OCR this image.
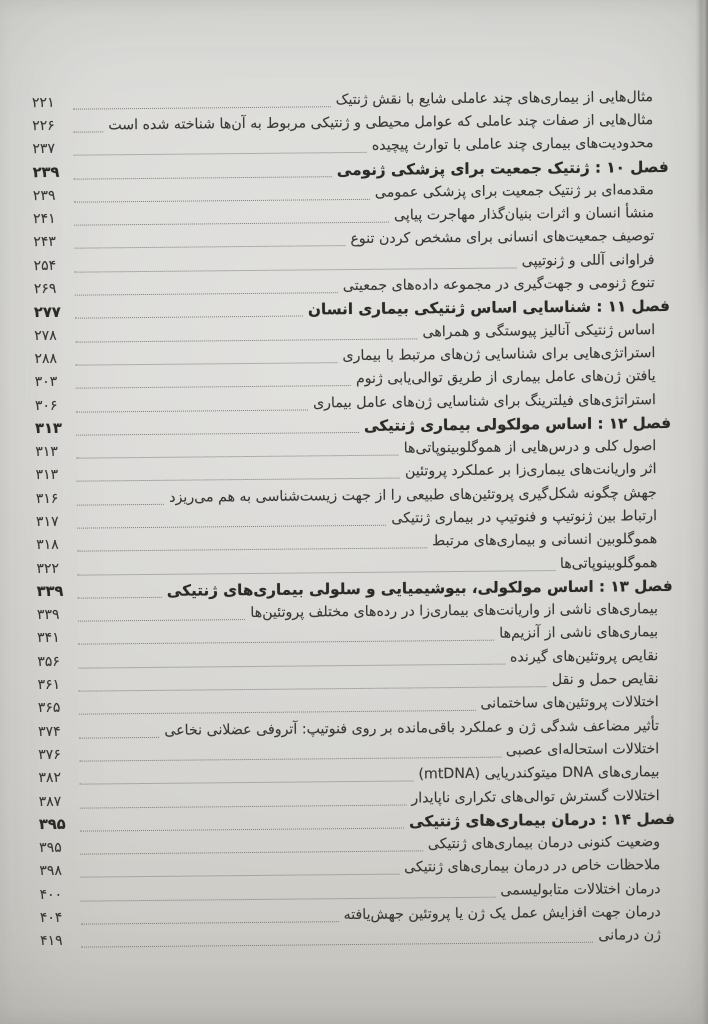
مثال‌هایی از بیماری‌های چند عاملی شایع با نقش ژنتیک
۲۲۱
مثال‌هایی از صفات چند عاملی که عوامل محیطی و ژنتیکی مربوط به آن‌ها شناخته شده است
۲۲۶
محدودیت‌های بیماری چند عاملی با توارث پیچیده
۲۳۷
فصل ۱۰ : ژنتیک جمعیت برای پزشکی ژنومی
۲۳۹
مقدمه‌ای بر ژنتیک جمعیت برای پزشکی عمومی
۲۳۹
منشأ انسان و اثرات بنیان‌گذار مهاجرت پیاپی
۲۴۱
توصیف جمعیت‌های انسانی برای مشخص کردن تنوع
۲۴۳
فراوانی آللی و ژنوتیپی
۲۵۴
تنوع ژنومی و جهت‌گیری در مجموعه داده‌های جمعیتی
۲۶۹
فصل ۱۱ : شناسایی اساس ژنتیکی بیماری انسان
۲۷۷
اساس ژنتیکی آنالیز پیوستگی و همراهی
۲۷۸
استراتژی‌هایی برای شناسایی ژن‌های مرتبط با بیماری
۲۸۸
یافتن ژن‌های عامل بیماری از طریق توالی‌یابی ژنوم
۳۰۳
استراتژی‌های فیلترینگ برای شناسایی ژن‌های عامل بیماری
۳۰۶
فصل ۱۲ : اساس مولکولی بیماری ژنتیکی
۳۱۳
اصول کلی و درس‌هایی از هموگلوبینوپاتی‌ها
۳۱۳
اثر واریانت‌های یبماری‌زا بر عملکرد پروتئین
۳۱۳
جهش چگونه شکل‌گیری پروتئین‌های طبیعی را از جهت زیست‌شناسی به هم می‌ریزد
۳۱۶
ارتباط بین ژنوتیپ و فنوتیپ در بیماری ژنتیکی
۳۱۷
هموگلوبین انسانی و بیماری‌های مرتبط
۳۱۸
هموگلوبینوپاتی‌ها
۳۲۲
فصل ۱۳ : اساس مولکولی، بیوشیمیایی و سلولی بیماری‌های ژنتیکی
۳۳۹
بیماری‌های ناشی از واریانت‌های بیماری‌زا در رده‌های مختلف پروتئین‌ها
۳۳۹
بیماری‌های ناشی از آنزیم‌ها
۳۴۱
نقایص پروتئین‌های گیرنده
۳۵۶
نقایص حمل و نقل
۳۶۱
اختلالات پروتئین‌های ساختمانی
۳۶۵
تأثیر مضاعف شدگی ژن و عملکرد باقی‌مانده بر روی فنوتیپ: آتروفی عضلانی نخاعی
۳۷۴
اختلالات استحاله‌ای عصبی
۳۷۶
بیماری‌های DNA میتوکندریایی (mtDNA)
۳۸۲
اختلالات گسترش توالی‌های تکراری ناپایدار
۳۸۷
فصل ۱۴ : درمان بیماری‌های ژنتیکی
۳۹۵
وضعیت کنونی درمان بیماری‌های ژنتیکی
۳۹۵
ملاحظات خاص در درمان بیماری‌های ژنتیکی
۳۹۸
درمان اختلالات متابولیسمی
۴۰۰
درمان جهت افزایش عمل یک ژن یا پروتئین جهش‌یافته
۴۰۴
ژن درمانی
۴۱۹
